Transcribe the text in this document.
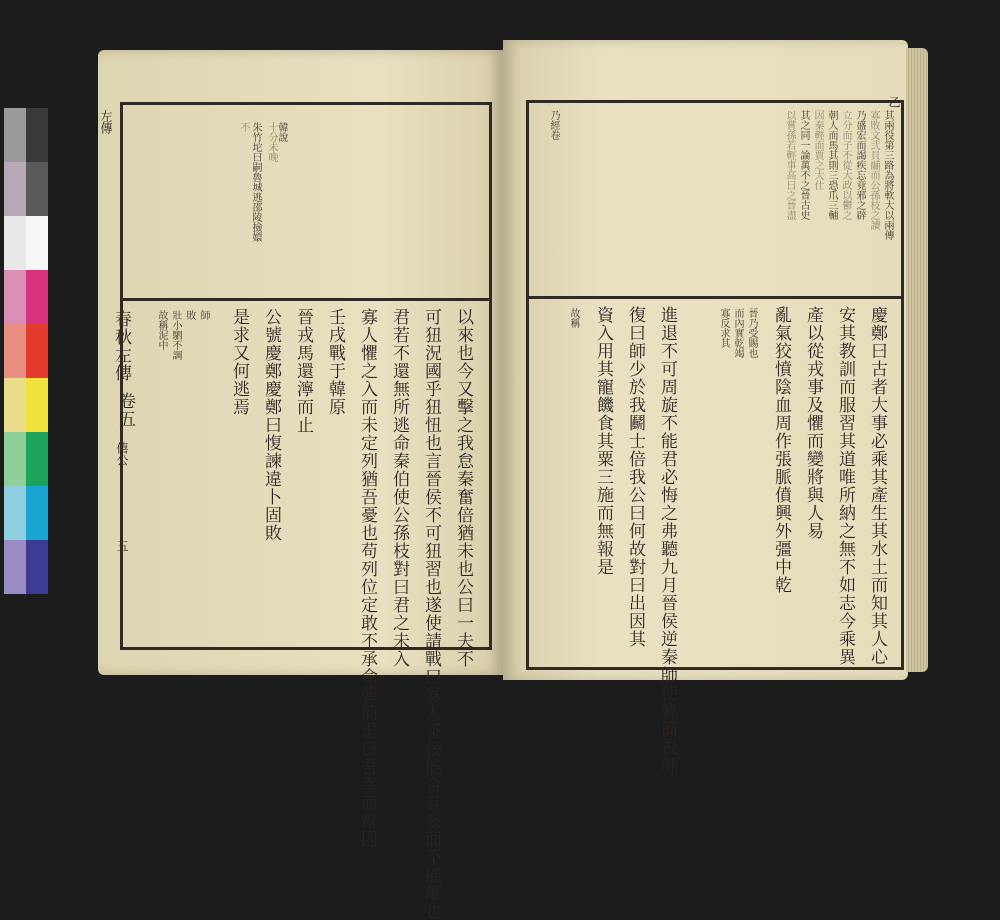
左傳
春秋左傳
卷五
僖公
五
韓說
十分未晚
朱竹坨曰嗣魯城逃邵陵撿嬛
不
以來也今又擊之我怠秦奮倍猶未也公曰一夫不
可狃況國乎狃忸也言晉侯不可狃習也遂使請戰曰寡人不佞能合其衆而不能離也
君若不還無所逃命秦伯使公孫枝對曰君之未入
寡人懼之入而未定列猶吾憂也苟列位定敢不承命韓簡退曰吾幸而得囚
壬戌戰于韓原
晉戎馬還濘而止
公號慶鄭慶鄭曰愎諫違卜固敗
是求又何逃焉
師
敗
壯小駟不調
故稱泥中
乙
其兩役第三路為將軟大以兩傳
寡敗文弐貝鬴而公孫枝之讀
乃盛宏而謁疾忘竟邪之辟
立分而子不從大政以鬱之
朝人而馬其則三恐爪三輔
因秦輕而賈之大仕
其之同一論萬不之晉古史
以嘗孫若輕事高曰之晉盡
乃經卷
慶鄭曰古者大事必乘其產生其水土而知其人心
安其教訓而服習其道唯所納之無不如志今乘異
產以從戎事及懼而變將與人易
亂氣狡憤陰血周作張脈僨興外彊中乾
進退不可周旋不能君必悔之弗聽九月晉侯逆秦師使韓簡視師
復曰師少於我鬬士倍我公曰何故對曰出因其
資入用其寵饑食其粟三施而無報是	晉乃受賜也
而內實乾竭
寡反求其
故稱
